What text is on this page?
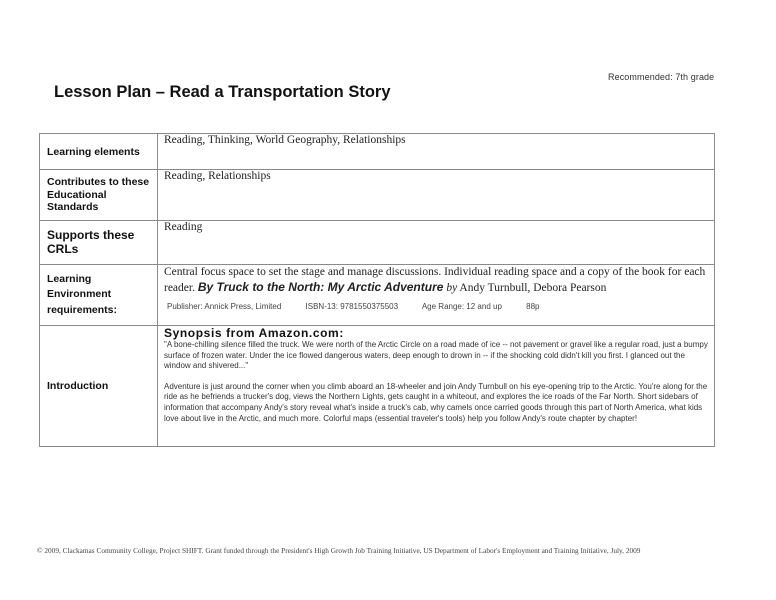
Recommended: 7th grade
Lesson Plan – Read a Transportation Story
Learning elements	Reading, Thinking, World Geography, Relationships
Contributes to these Educational Standards	Reading, Relationships
Supports these CRLs	Reading
Learning Environment requirements:	Central focus space to set the stage and manage discussions. Individual reading space and a copy of the book for each reader. By Truck to the North: My Arctic Adventure by Andy Turnbull, Debora Pearson
Publisher: Annick Press, Limited ISBN-13: 9781550375503 Age Range: 12 and up 88p

Introduction	Synopsis from Amazon.com:

"A bone-chilling silence filled the truck. We were north of the Arctic Circle on a road made of ice -- not pavement or gravel like a regular road, just a bumpy surface of frozen water. Under the ice flowed dangerous waters, deep enough to drown in -- if the shocking cold didn't kill you first. I glanced out the window and shivered..."

Adventure is just around the corner when you climb aboard an 18-wheeler and join Andy Turnbull on his eye-opening trip to the Arctic. You're along for the ride as he befriends a trucker's dog, views the Northern Lights, gets caught in a whiteout, and explores the ice roads of the Far North. Short sidebars of information that accompany Andy's story reveal what's inside a truck's cab, why camels once carried goods through this part of North America, what kids love about live in the Arctic, and much more. Colorful maps (essential traveler's tools) help you follow Andy's route chapter by chapter!

© 2009, Clackamas Community College, Project SHIFT. Grant funded through the President's High Growth Job Training Initiative, US Department of Labor's Employment and Training Initiative, July, 2009
